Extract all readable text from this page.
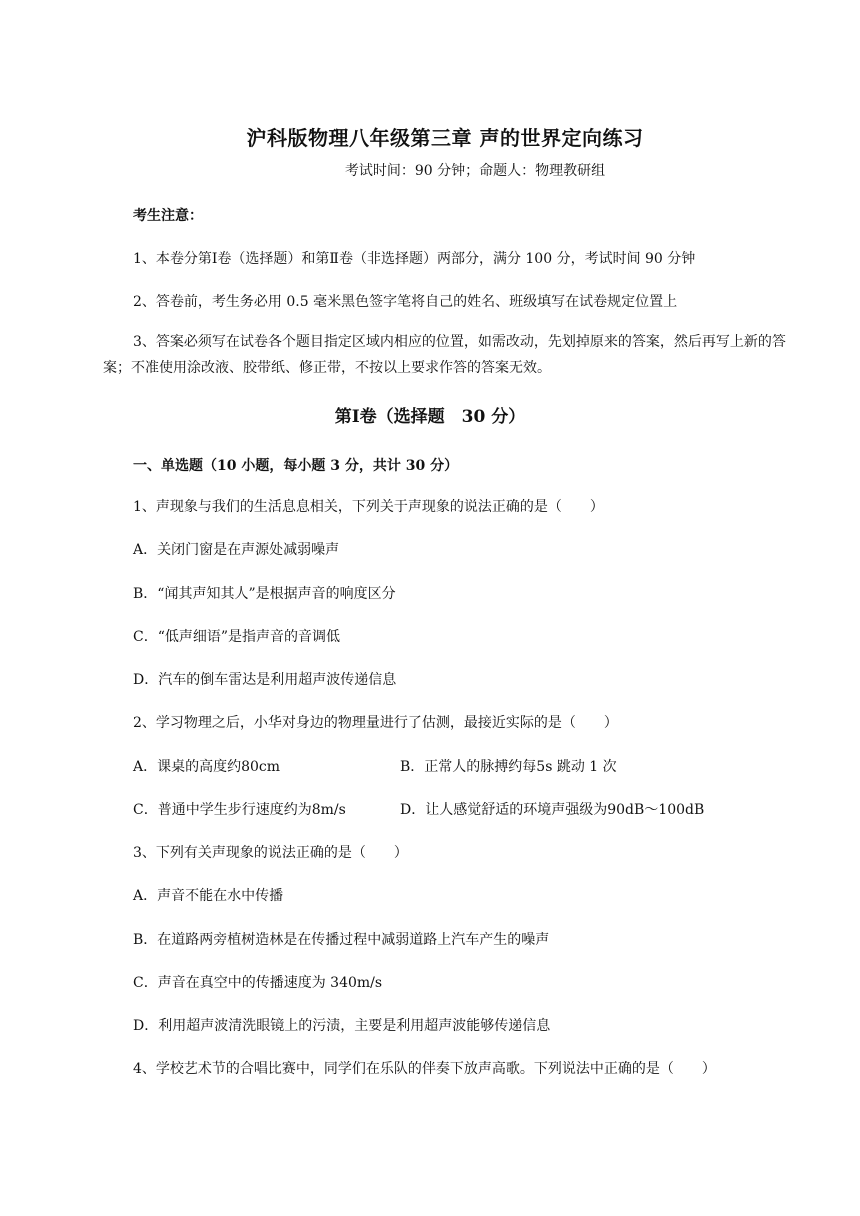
沪科版物理八年级第三章 声的世界定向练习
考试时间：90 分钟；命题人：物理教研组
考生注意：
1、本卷分第Ⅰ卷（选择题）和第Ⅱ卷（非选择题）两部分，满分 100 分，考试时间 90 分钟
2、答卷前，考生务必用 0.5 毫米黑色签字笔将自己的姓名、班级填写在试卷规定位置上
3、答案必须写在试卷各个题目指定区域内相应的位置，如需改动，先划掉原来的答案，然后再写上新的答案；不准使用涂改液、胶带纸、修正带，不按以上要求作答的答案无效。
第Ⅰ卷（选择题　30 分）
一、单选题（10 小题，每小题 3 分，共计 30 分）
1、声现象与我们的生活息息相关，下列关于声现象的说法正确的是（　　）
A．关闭门窗是在声源处减弱噪声
B．“闻其声知其人”是根据声音的响度区分
C．“低声细语”是指声音的音调低
D．汽车的倒车雷达是利用超声波传递信息
2、学习物理之后，小华对身边的物理量进行了估测，最接近实际的是（　　）
A．课桌的高度约80cm	B．正常人的脉搏约每5s 跳动 1 次
C．普通中学生步行速度约为8m/s	D．让人感觉舒适的环境声强级为90dB～100dB
3、下列有关声现象的说法正确的是（　　）
A．声音不能在水中传播
B．在道路两旁植树造林是在传播过程中减弱道路上汽车产生的噪声
C．声音在真空中的传播速度为 340m/s
D．利用超声波清洗眼镜上的污渍，主要是利用超声波能够传递信息
4、学校艺术节的合唱比赛中，同学们在乐队的伴奏下放声高歌。下列说法中正确的是（　　）
